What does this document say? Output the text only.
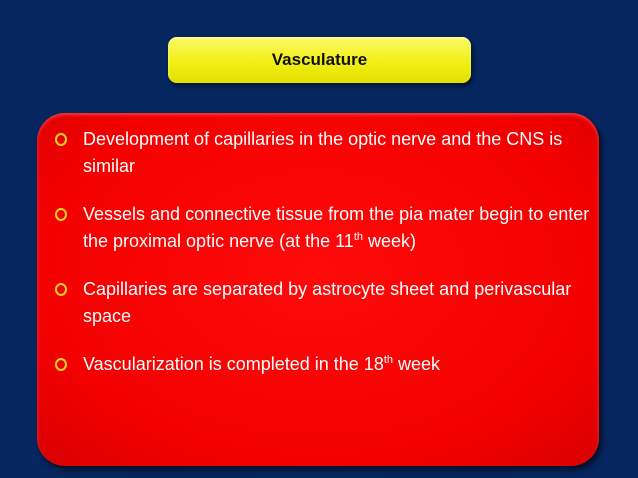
Vasculature
Development of capillaries in the optic nerve and the CNS is similar
Vessels and connective tissue from the pia mater begin to enter the proximal optic nerve (at the 11th week)
Capillaries are separated by astrocyte sheet and perivascular space
Vascularization is completed in the 18th week
